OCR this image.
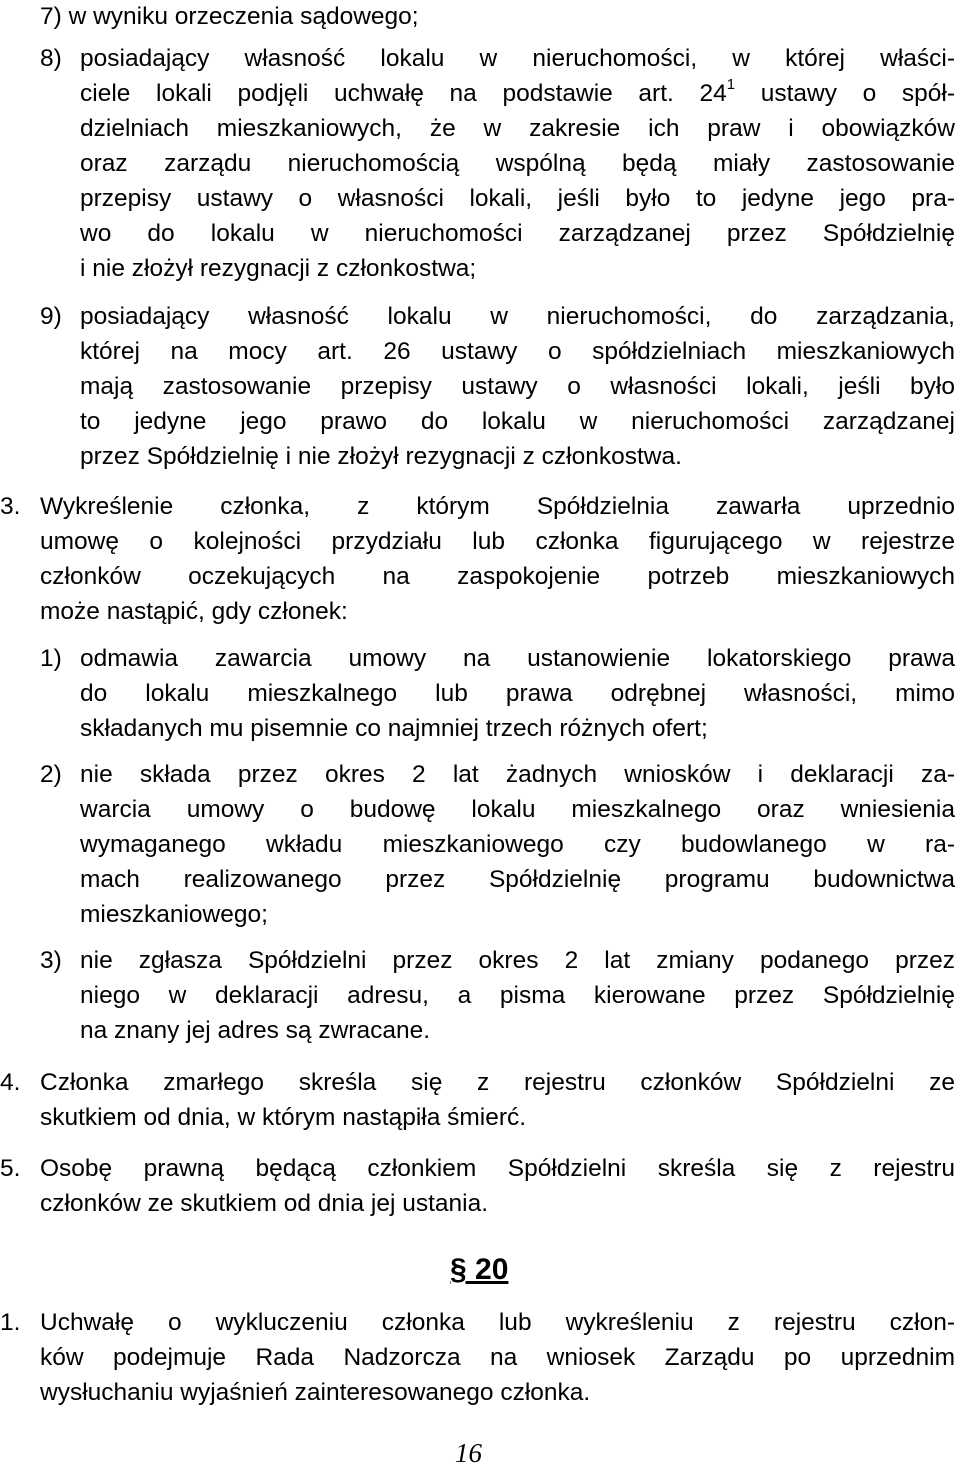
7) w wyniku orzeczenia sądowego;
8) posiadający własność lokalu w nieruchomości, w której właści-
ciele lokali podjęli uchwałę na podstawie art. $24^1$ ustawy o spół-
dzielniach mieszkaniowych, że w zakresie ich praw i obowiązków
oraz zarządu nieruchomością wspólną będą miały zastosowanie
przepisy ustawy o własności lokali, jeśli było to jedyne jego pra-
wo do lokalu w nieruchomości zarządzanej przez Spółdzielnię
i nie złożył rezygnacji z członkostwa;
9) posiadający własność lokalu w nieruchomości, do zarządzania,
której na mocy art. 26 ustawy o spółdzielniach mieszkaniowych
mają zastosowanie przepisy ustawy o własności lokali, jeśli było
to jedyne jego prawo do lokalu w nieruchomości zarządzanej
przez Spółdzielnię i nie złożył rezygnacji z członkostwa.
3. Wykreślenie członka, z którym Spółdzielnia zawarła uprzednio
umowę o kolejności przydziału lub członka figurującego w rejestrze
członków oczekujących na zaspokojenie potrzeb mieszkaniowych
może nastąpić, gdy członek:
1) odmawia zawarcia umowy na ustanowienie lokatorskiego prawa
do lokalu mieszkalnego lub prawa odrębnej własności, mimo
składanych mu pisemnie co najmniej trzech różnych ofert;
2) nie składa przez okres 2 lat żadnych wniosków i deklaracji za-
warcia umowy o budowę lokalu mieszkalnego oraz wniesienia
wymaganego wkładu mieszkaniowego czy budowlanego w ra-
mach realizowanego przez Spółdzielnię programu budownictwa
mieszkaniowego;
3) nie zgłasza Spółdzielni przez okres 2 lat zmiany podanego przez
niego w deklaracji adresu, a pisma kierowane przez Spółdzielnię
na znany jej adres są zwracane.
4. Członka zmarłego skreśla się z rejestru członków Spółdzielni ze
skutkiem od dnia, w którym nastąpiła śmierć.
5. Osobę prawną będącą członkiem Spółdzielni skreśla się z rejestru
członków ze skutkiem od dnia jej ustania.
§ 20
1. Uchwałę o wykluczeniu członka lub wykreśleniu z rejestru człon-
ków podejmuje Rada Nadzorcza na wniosek Zarządu po uprzednim
wysłuchaniu wyjaśnień zainteresowanego członka.
16
